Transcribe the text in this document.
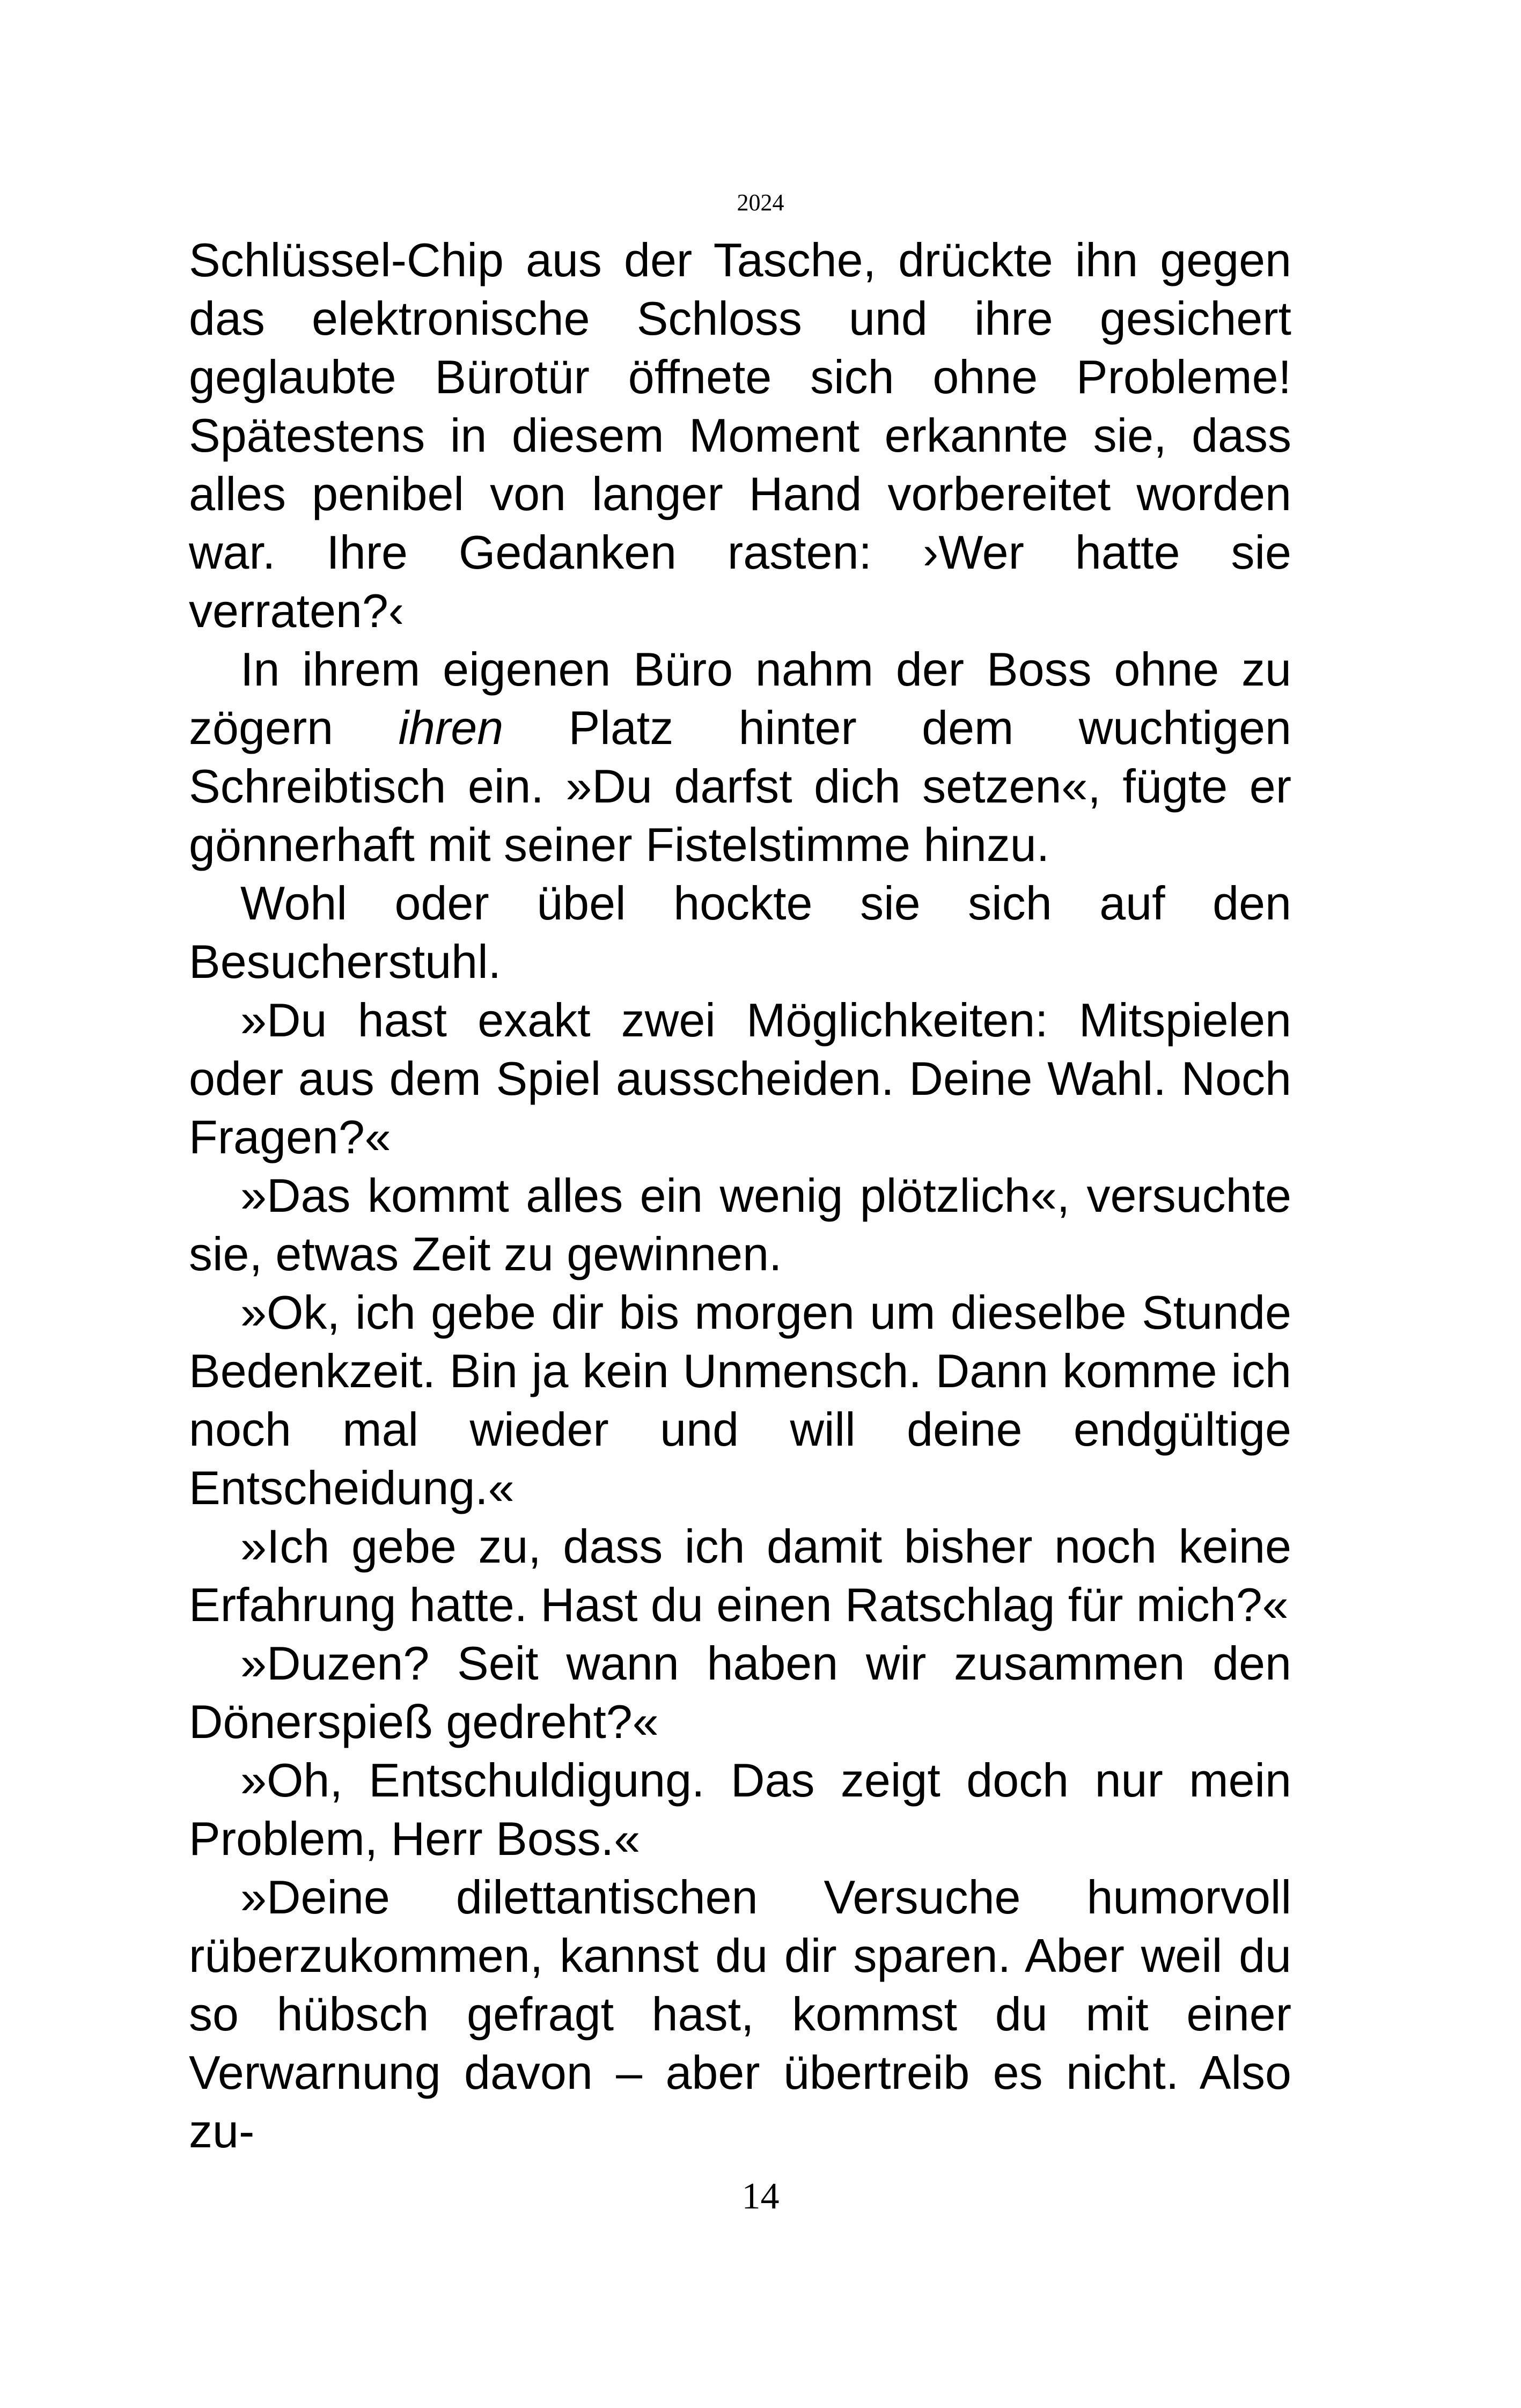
2024

Schlüssel-Chip aus der Tasche, drückte ihn gegen das elektronische Schloss und ihre gesichert geglaubte Bürotür öffnete sich ohne Probleme! Spätestens in diesem Moment erkannte sie, dass alles penibel von langer Hand vorbereitet worden war. Ihre Gedanken rasten: ›Wer hatte sie verraten?‹

In ihrem eigenen Büro nahm der Boss ohne zu zögern ihren Platz hinter dem wuchtigen Schreibtisch ein. »Du darfst dich setzen«, fügte er gönnerhaft mit seiner Fistelstimme hinzu.

Wohl oder übel hockte sie sich auf den Besucherstuhl.

»Du hast exakt zwei Möglichkeiten: Mitspielen oder aus dem Spiel ausscheiden. Deine Wahl. Noch Fragen?«

»Das kommt alles ein wenig plötzlich«, versuchte sie, etwas Zeit zu gewinnen.

»Ok, ich gebe dir bis morgen um dieselbe Stunde Bedenkzeit. Bin ja kein Unmensch. Dann komme ich noch mal wieder und will deine endgültige Entscheidung.«

»Ich gebe zu, dass ich damit bisher noch keine Erfahrung hatte. Hast du einen Ratschlag für mich?«

»Duzen? Seit wann haben wir zusammen den Dönerspieß gedreht?«

»Oh, Entschuldigung. Das zeigt doch nur mein Problem, Herr Boss.«

»Deine dilettantischen Versuche humorvoll rüberzukommen, kannst du dir sparen. Aber weil du so hübsch gefragt hast, kommst du mit einer Verwarnung davon – aber übertreib es nicht. Also zu-

14
